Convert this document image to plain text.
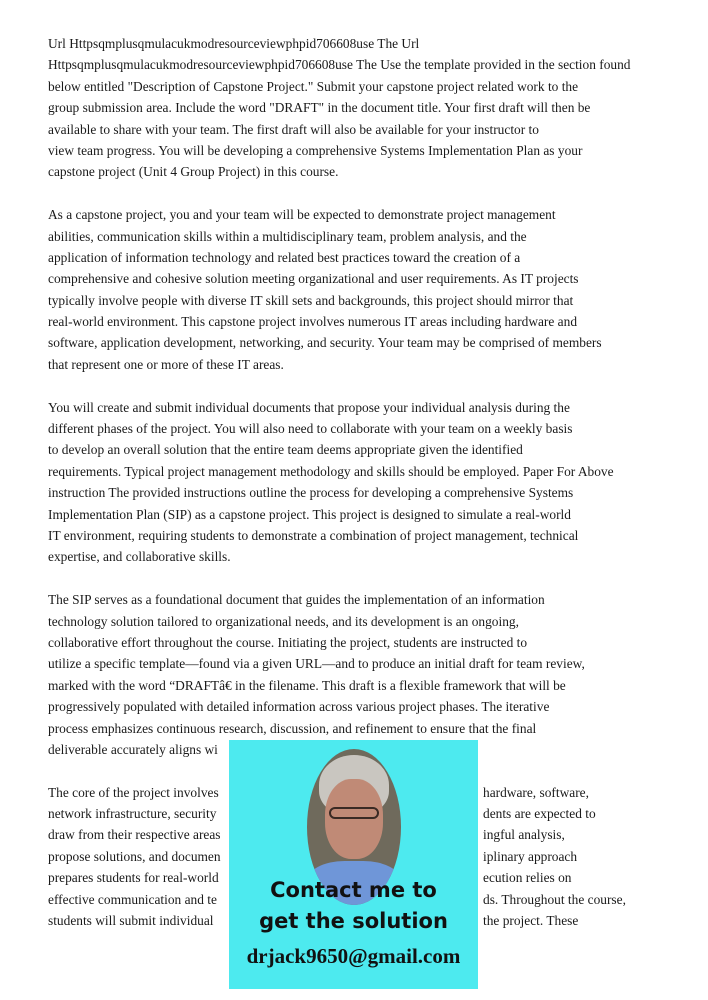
Url Httpsqmplusqmulacukmodresourceviewphpid706608use The Url
Httpsqmplusqmulacukmodresourceviewphpid706608use The Use the template provided in the section found
below entitled "Description of Capstone Project." Submit your capstone project related work to the
group submission area. Include the word "DRAFT" in the document title. Your first draft will then be
available to share with your team. The first draft will also be available for your instructor to
view team progress. You will be developing a comprehensive Systems Implementation Plan as your
capstone project (Unit 4 Group Project) in this course.
As a capstone project, you and your team will be expected to demonstrate project management
abilities, communication skills within a multidisciplinary team, problem analysis, and the
application of information technology and related best practices toward the creation of a
comprehensive and cohesive solution meeting organizational and user requirements. As IT projects
typically involve people with diverse IT skill sets and backgrounds, this project should mirror that
real-world environment. This capstone project involves numerous IT areas including hardware and
software, application development, networking, and security. Your team may be comprised of members
that represent one or more of these IT areas.
You will create and submit individual documents that propose your individual analysis during the
different phases of the project. You will also need to collaborate with your team on a weekly basis
to develop an overall solution that the entire team deems appropriate given the identified
requirements. Typical project management methodology and skills should be employed. Paper For Above
instruction The provided instructions outline the process for developing a comprehensive Systems
Implementation Plan (SIP) as a capstone project. This project is designed to simulate a real-world
IT environment, requiring students to demonstrate a combination of project management, technical
expertise, and collaborative skills.
The SIP serves as a foundational document that guides the implementation of an information
technology solution tailored to organizational needs, and its development is an ongoing,
collaborative effort throughout the course. Initiating the project, students are instructed to
utilize a specific template—found via a given URL—and to produce an initial draft for team review,
marked with the word “DRAFTâ€ in the filename. This draft is a flexible framework that will be
progressively populated with detailed information across various project phases. The iterative
process emphasizes continuous research, discussion, and refinement to ensure that the final
deliverable accurately aligns wi
The core of the project involves	hardware, software,
network infrastructure, security	dents are expected to
draw from their respective areas	ingful analysis,
propose solutions, and documen	iplinary approach
prepares students for real-world	ecution relies on
effective communication and te	ds. Throughout the course,
students will submit individual	the project. These
Contact me to
get the solution
drjack9650@gmail.com
